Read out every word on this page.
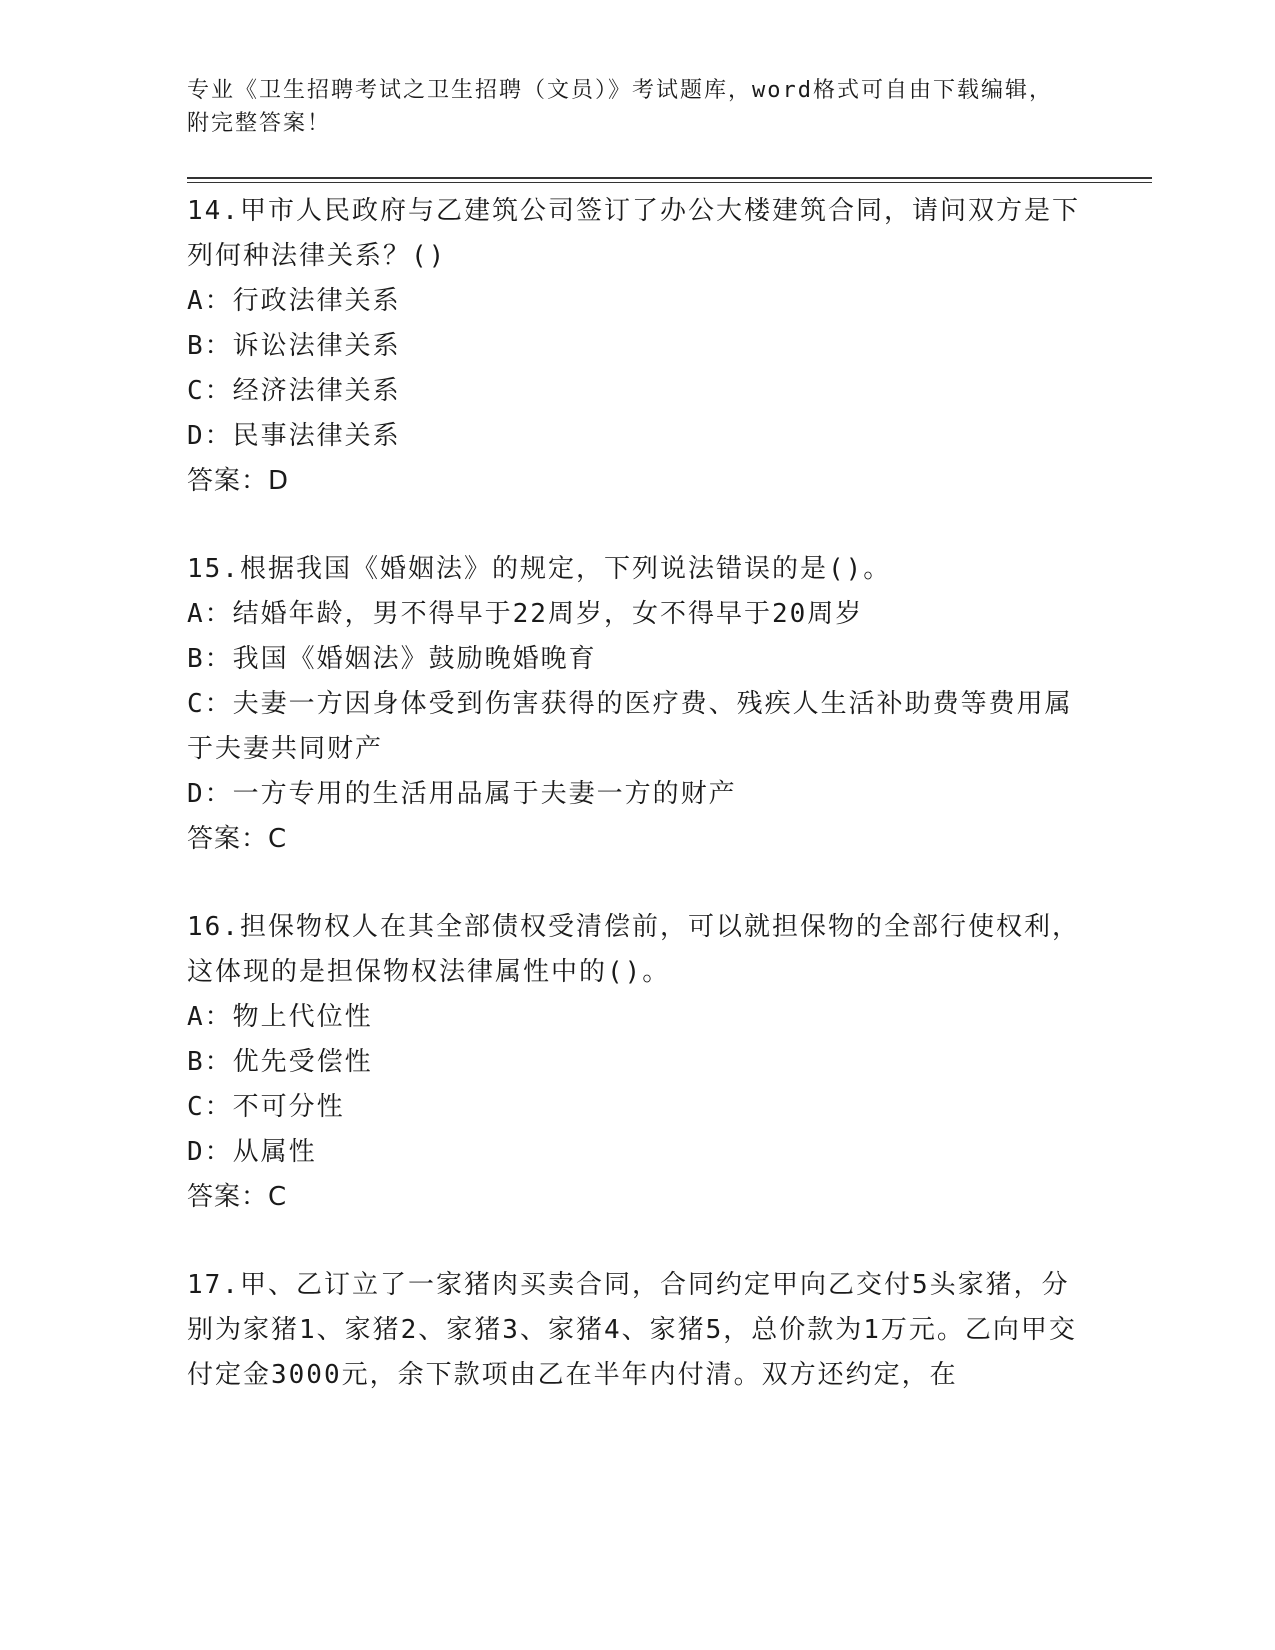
专业《卫生招聘考试之卫生招聘（文员）》考试题库，word格式可自由下载编辑，附完整答案！

14.甲市人民政府与乙建筑公司签订了办公大楼建筑合同，请问双方是下列何种法律关系？()

A：行政法律关系
B：诉讼法律关系
C：经济法律关系
D：民事法律关系

答案：D

15.根据我国《婚姻法》的规定，下列说法错误的是()。

A：结婚年龄，男不得早于22周岁，女不得早于20周岁
B：我国《婚姻法》鼓励晚婚晚育
C：夫妻一方因身体受到伤害获得的医疗费、残疾人生活补助费等费用属于夫妻共同财产
D：一方专用的生活用品属于夫妻一方的财产

答案：C

16.担保物权人在其全部债权受清偿前，可以就担保物的全部行使权利，这体现的是担保物权法律属性中的()。

A：物上代位性
B：优先受偿性
C：不可分性
D：从属性

答案：C

17.甲、乙订立了一家猪肉买卖合同，合同约定甲向乙交付5头家猪，分别为家猪1、家猪2、家猪3、家猪4、家猪5，总价款为1万元。乙向甲交付定金3000元，余下款项由乙在半年内付清。双方还约定，在
